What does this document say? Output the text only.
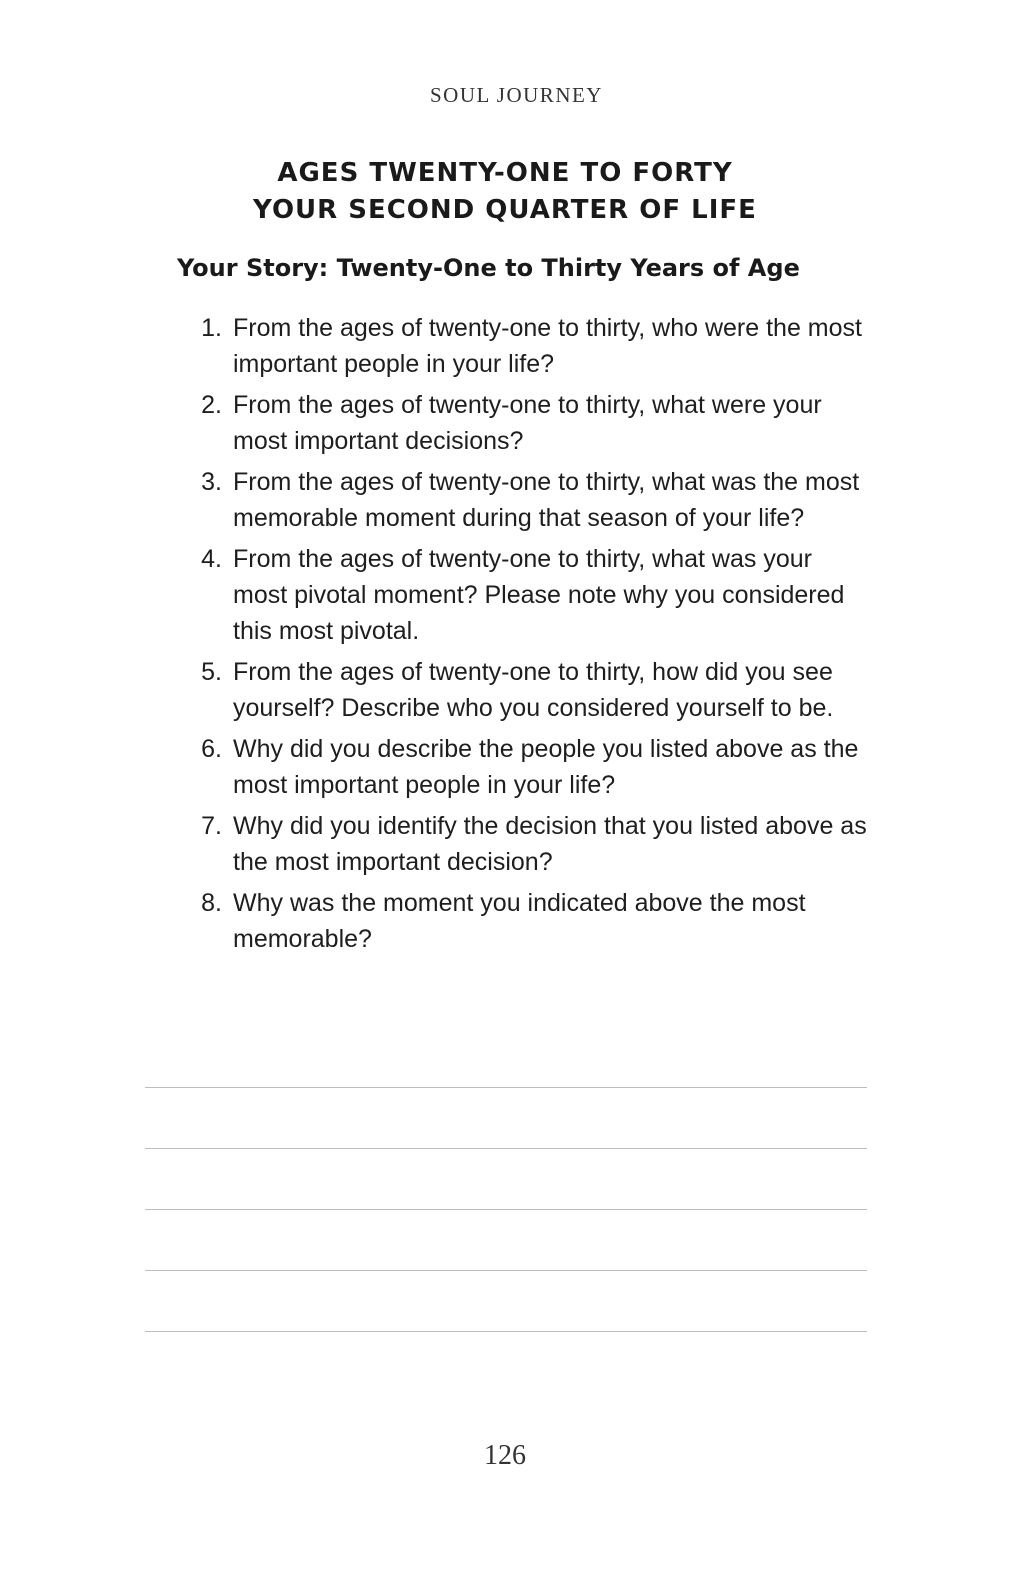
SOUL JOURNEY
AGES TWENTY-ONE TO FORTY
YOUR SECOND QUARTER OF LIFE
Your Story: Twenty-One to Thirty Years of Age
1. From the ages of twenty-one to thirty, who were the most important people in your life?
2. From the ages of twenty-one to thirty, what were your most important decisions?
3. From the ages of twenty-one to thirty, what was the most memorable moment during that season of your life?
4. From the ages of twenty-one to thirty, what was your most pivotal moment? Please note why you considered this most pivotal.
5. From the ages of twenty-one to thirty, how did you see yourself? Describe who you considered yourself to be.
6. Why did you describe the people you listed above as the most important people in your life?
7. Why did you identify the decision that you listed above as the most important decision?
8. Why was the moment you indicated above the most memorable?
126
